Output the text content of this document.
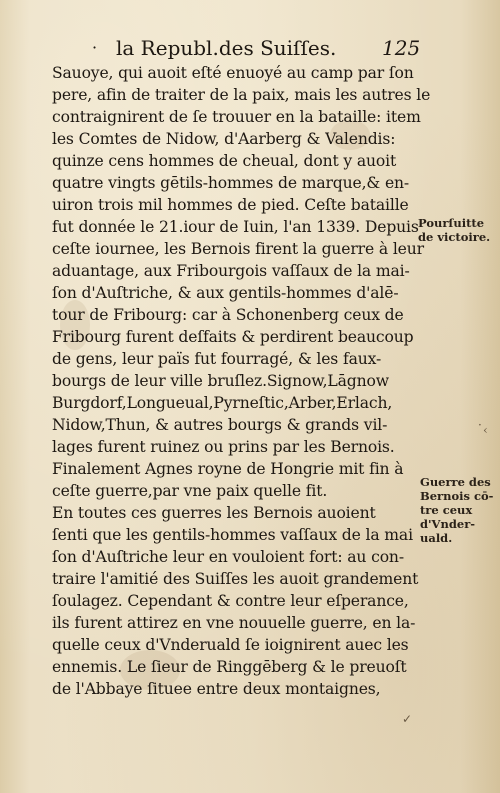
· la Republ.des Suiſſes. 125
Sauoye, qui auoit eſté enuoyé au camp par ſon
pere, afin de traiter de la paix, mais les autres le
contraignirent de ſe trouuer en la bataille: item
les Comtes de Nidow, d'Aarberg & Valendis:
quinze cens hommes de cheual, dont y auoit
quatre vingts gētils-hommes de marque,& en-
uiron trois mil hommes de pied. Ceſte bataille
fut donnée le 21.iour de Iuin, l'an 1339. Depuis
ceſte iournee, les Bernois firent la guerre à leur
aduantage, aux Fribourgois vaſſaux de la mai-
ſon d'Auſtriche, & aux gentils-hommes d'alē-
tour de Fribourg: car à Schonenberg ceux de
Fribourg furent deſfaits & perdirent beaucoup
de gens, leur païs fut fourragé, & les faux-
bourgs de leur ville bruſlez.Signow,Lāgnow
Burgdorf,Longueual,Pyrneſtic,Arber,Erlach,
Nidow,Thun, & autres bourgs & grands vil-
lages furent ruinez ou prins par les Bernois.
Finalement Agnes royne de Hongrie mit fin à
ceſte guerre,par vne paix quelle fit.
En toutes ces guerres les Bernois auoient
ſenti que les gentils-hommes vaſſaux de la mai
ſon d'Auſtriche leur en vouloient fort: au con-
traire l'amitié des Suiſſes les auoit grandement
ſoulagez. Cependant & contre leur eſperance,
ils furent attirez en vne nouuelle guerre, en la-
quelle ceux d'Vnderuald ſe ioignirent auec les
ennemis. Le ſieur de Ringgēberg & le preuoſt
de l'Abbaye ſituee entre deux montaignes,
Pourſuitte
de victoire.
Guerre des
Bernois cō-
tre ceux
d'Vnder-
uald.
· ‹
✓
